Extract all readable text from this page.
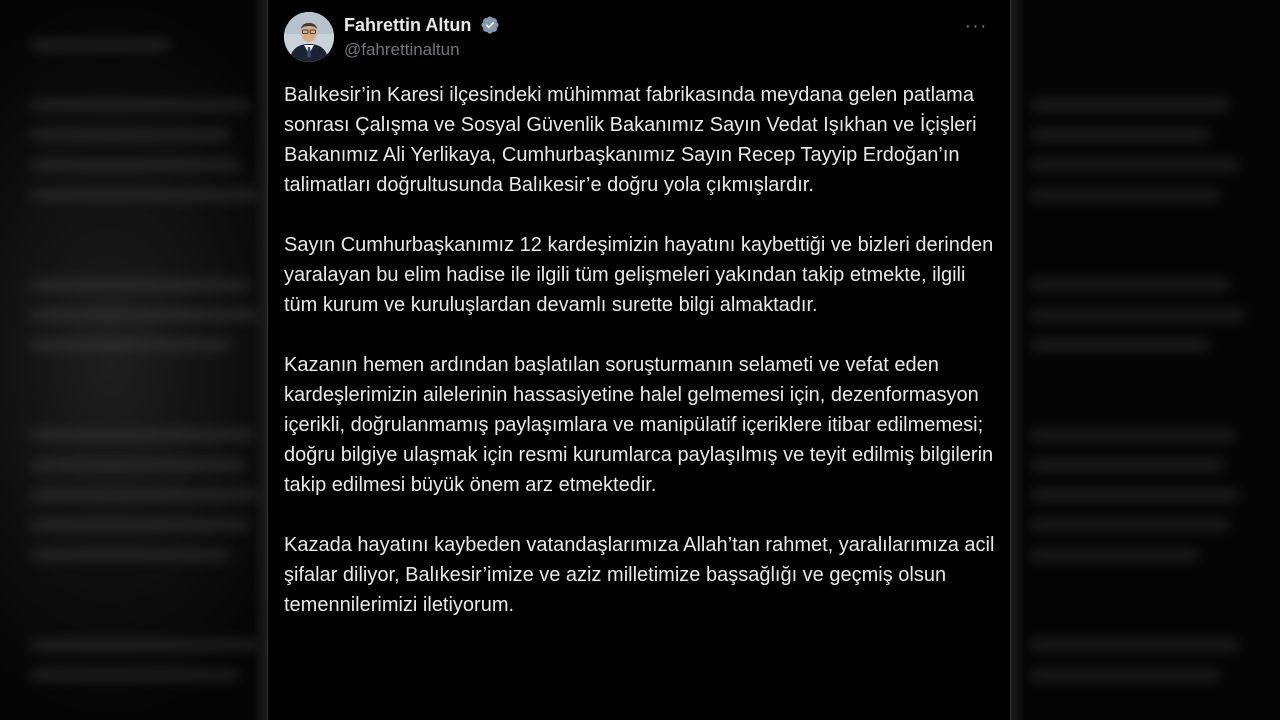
Fahrettin Altun
@fahrettinaltun
···

Balıkesir’in Karesi ilçesindeki mühimmat fabrikasında meydana gelen patlama sonrası Çalışma ve Sosyal Güvenlik Bakanımız Sayın Vedat Işıkhan ve İçişleri Bakanımız Ali Yerlikaya, Cumhurbaşkanımız Sayın Recep Tayyip Erdoğan’ın talimatları doğrultusunda Balıkesir’e doğru yola çıkmışlardır.

Sayın Cumhurbaşkanımız 12 kardeşimizin hayatını kaybettiği ve bizleri derinden yaralayan bu elim hadise ile ilgili tüm gelişmeleri yakından takip etmekte, ilgili tüm kurum ve kuruluşlardan devamlı surette bilgi almaktadır.

Kazanın hemen ardından başlatılan soruşturmanın selameti ve vefat eden kardeşlerimizin ailelerinin hassasiyetine halel gelmemesi için, dezenformasyon içerikli, doğrulanmamış paylaşımlara ve manipülatif içeriklere itibar edilmemesi; doğru bilgiye ulaşmak için resmi kurumlarca paylaşılmış ve teyit edilmiş bilgilerin takip edilmesi büyük önem arz etmektedir.

Kazada hayatını kaybeden vatandaşlarımıza Allah’tan rahmet, yaralılarımıza acil şifalar diliyor, Balıkesir’imize ve aziz milletimize başsağlığı ve geçmiş olsun temennilerimizi iletiyorum.
